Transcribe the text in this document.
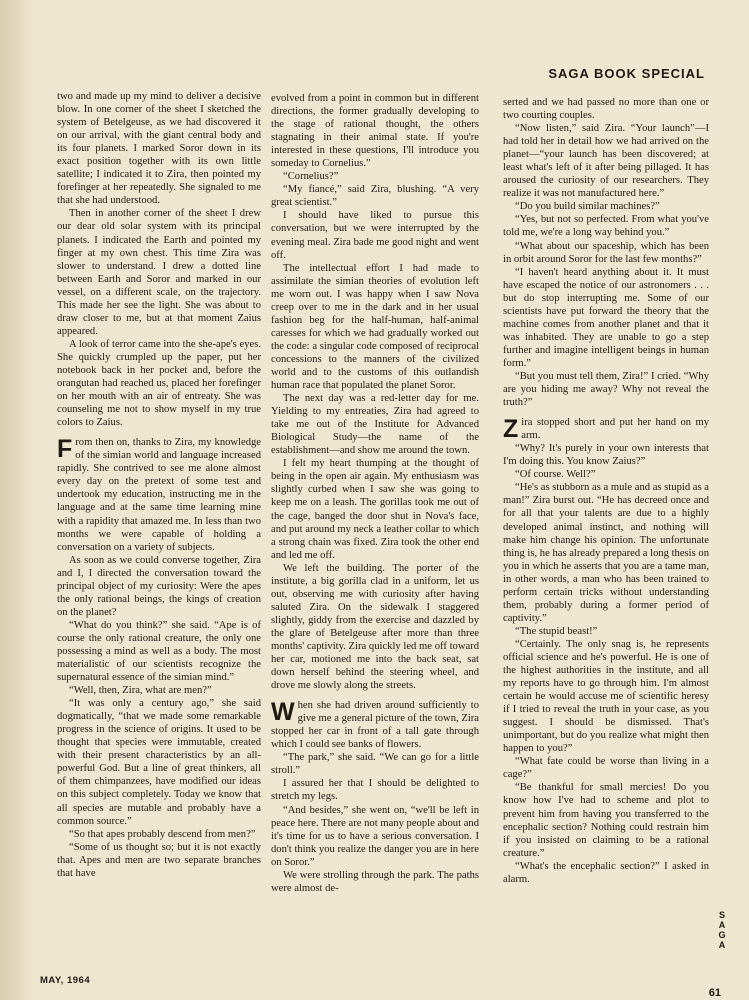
SAGA BOOK SPECIAL

two and made up my mind to deliver a decisive blow. In one corner of the sheet I sketched the system of Betelgeuse, as we had discovered it on our arrival, with the giant central body and its four planets. I marked Soror down in its exact position together with its own little satellite; I indicated it to Zira, then pointed my forefinger at her repeatedly. She signaled to me that she had understood.

Then in another corner of the sheet I drew our dear old solar system with its principal planets. I indicated the Earth and pointed my finger at my own chest. This time Zira was slower to understand. I drew a dotted line between Earth and Soror and marked in our vessel, on a different scale, on the trajectory. This made her see the light. She was about to draw closer to me, but at that moment Zaius appeared.

A look of terror came into the she-ape's eyes. She quickly crumpled up the paper, put her notebook back in her pocket and, before the orangutan had reached us, placed her forefinger on her mouth with an air of entreaty. She was counseling me not to show myself in my true colors to Zaius.

From then on, thanks to Zira, my knowledge of the simian world and language increased rapidly. She contrived to see me alone almost every day on the pretext of some test and undertook my education, instructing me in the language and at the same time learning mine with a rapidity that amazed me. In less than two months we were capable of holding a conversation on a variety of subjects.

As soon as we could converse together, Zira and I, I directed the conversation toward the principal object of my curiosity: Were the apes the only rational beings, the kings of creation on the planet?

“What do you think?” she said. “Ape is of course the only rational creature, the only one possessing a mind as well as a body. The most materialistic of our scientists recognize the supernatural essence of the simian mind.”

“Well, then, Zira, what are men?”

“It was only a century ago,” she said dogmatically, “that we made some remarkable progress in the science of origins. It used to be thought that species were immutable, created with their present characteristics by an all-powerful God. But a line of great thinkers, all of them chimpanzees, have modified our ideas on this subject completely. Today we know that all species are mutable and probably have a common source.”

“So that apes probably descend from men?”

“Some of us thought so; but it is not exactly that. Apes and men are two separate branches that have

evolved from a point in common but in different directions, the former gradually developing to the stage of rational thought, the others stagnating in their animal state. If you're interested in these questions, I'll introduce you someday to Cornelius.”

“Cornelius?”

“My fiancé,” said Zira, blushing. “A very great scientist.”

I should have liked to pursue this conversation, but we were interrupted by the evening meal. Zira bade me good night and went off.

The intellectual effort I had made to assimilate the simian theories of evolution left me worn out. I was happy when I saw Nova creep over to me in the dark and in her usual fashion beg for the half-human, half-animal caresses for which we had gradually worked out the code: a singular code composed of reciprocal concessions to the manners of the civilized world and to the customs of this outlandish human race that populated the planet Soror.

The next day was a red-letter day for me. Yielding to my entreaties, Zira had agreed to take me out of the Institute for Advanced Biological Study—the name of the establishment—and show me around the town.

I felt my heart thumping at the thought of being in the open air again. My enthusiasm was slightly curbed when I saw she was going to keep me on a leash. The gorillas took me out of the cage, banged the door shut in Nova's face, and put around my neck a leather collar to which a strong chain was fixed. Zira took the other end and led me off.

We left the building. The porter of the institute, a big gorilla clad in a uniform, let us out, observing me with curiosity after having saluted Zira. On the sidewalk I staggered slightly, giddy from the exercise and dazzled by the glare of Betelgeuse after more than three months' captivity. Zira quickly led me off toward her car, motioned me into the back seat, sat down herself behind the steering wheel, and drove me slowly along the streets.

When she had driven around sufficiently to give me a general picture of the town, Zira stopped her car in front of a tall gate through which I could see banks of flowers.

“The park,” she said. “We can go for a little stroll.”

I assured her that I should be delighted to stretch my legs.

“And besides,” she went on, “we'll be left in peace here. There are not many people about and it's time for us to have a serious conversation. I don't think you realize the danger you are in here on Soror.”

We were strolling through the park. The paths were almost de-

serted and we had passed no more than one or two courting couples.

“Now listen,” said Zira. “Your launch”—I had told her in detail how we had arrived on the planet—“your launch has been discovered; at least what's left of it after being pillaged. It has aroused the curiosity of our researchers. They realize it was not manufactured here.”

“Do you build similar machines?”

“Yes, but not so perfected. From what you've told me, we're a long way behind you.”

“What about our spaceship, which has been in orbit around Soror for the last few months?”

“I haven't heard anything about it. It must have escaped the notice of our astronomers . . . but do stop interrupting me. Some of our scientists have put forward the theory that the machine comes from another planet and that it was inhabited. They are unable to go a step further and imagine intelligent beings in human form.”

“But you must tell them, Zira!” I cried. “Why are you hiding me away? Why not reveal the truth?”

Zira stopped short and put her hand on my arm.

“Why? It's purely in your own interests that I'm doing this. You know Zaius?”

“Of course. Well?”

“He's as stubborn as a mule and as stupid as a man!” Zira burst out. “He has decreed once and for all that your talents are due to a highly developed animal instinct, and nothing will make him change his opinion. The unfortunate thing is, he has already prepared a long thesis on you in which he asserts that you are a tame man, in other words, a man who has been trained to perform certain tricks without understanding them, probably during a former period of captivity.”

“The stupid beast!”

“Certainly. The only snag is, he represents official science and he's powerful. He is one of the highest authorities in the institute, and all my reports have to go through him. I'm almost certain he would accuse me of scientific heresy if I tried to reveal the truth in your case, as you suggest. I should be dismissed. That's unimportant, but do you realize what might then happen to you?”

“What fate could be worse than living in a cage?”

“Be thankful for small mercies! Do you know how I've had to scheme and plot to prevent him from having you transferred to the encephalic section? Nothing could restrain him if you insisted on claiming to be a rational creature.”

“What's the encephalic section?” I asked in alarm.

MAY, 1964
S
A
G
A
61
